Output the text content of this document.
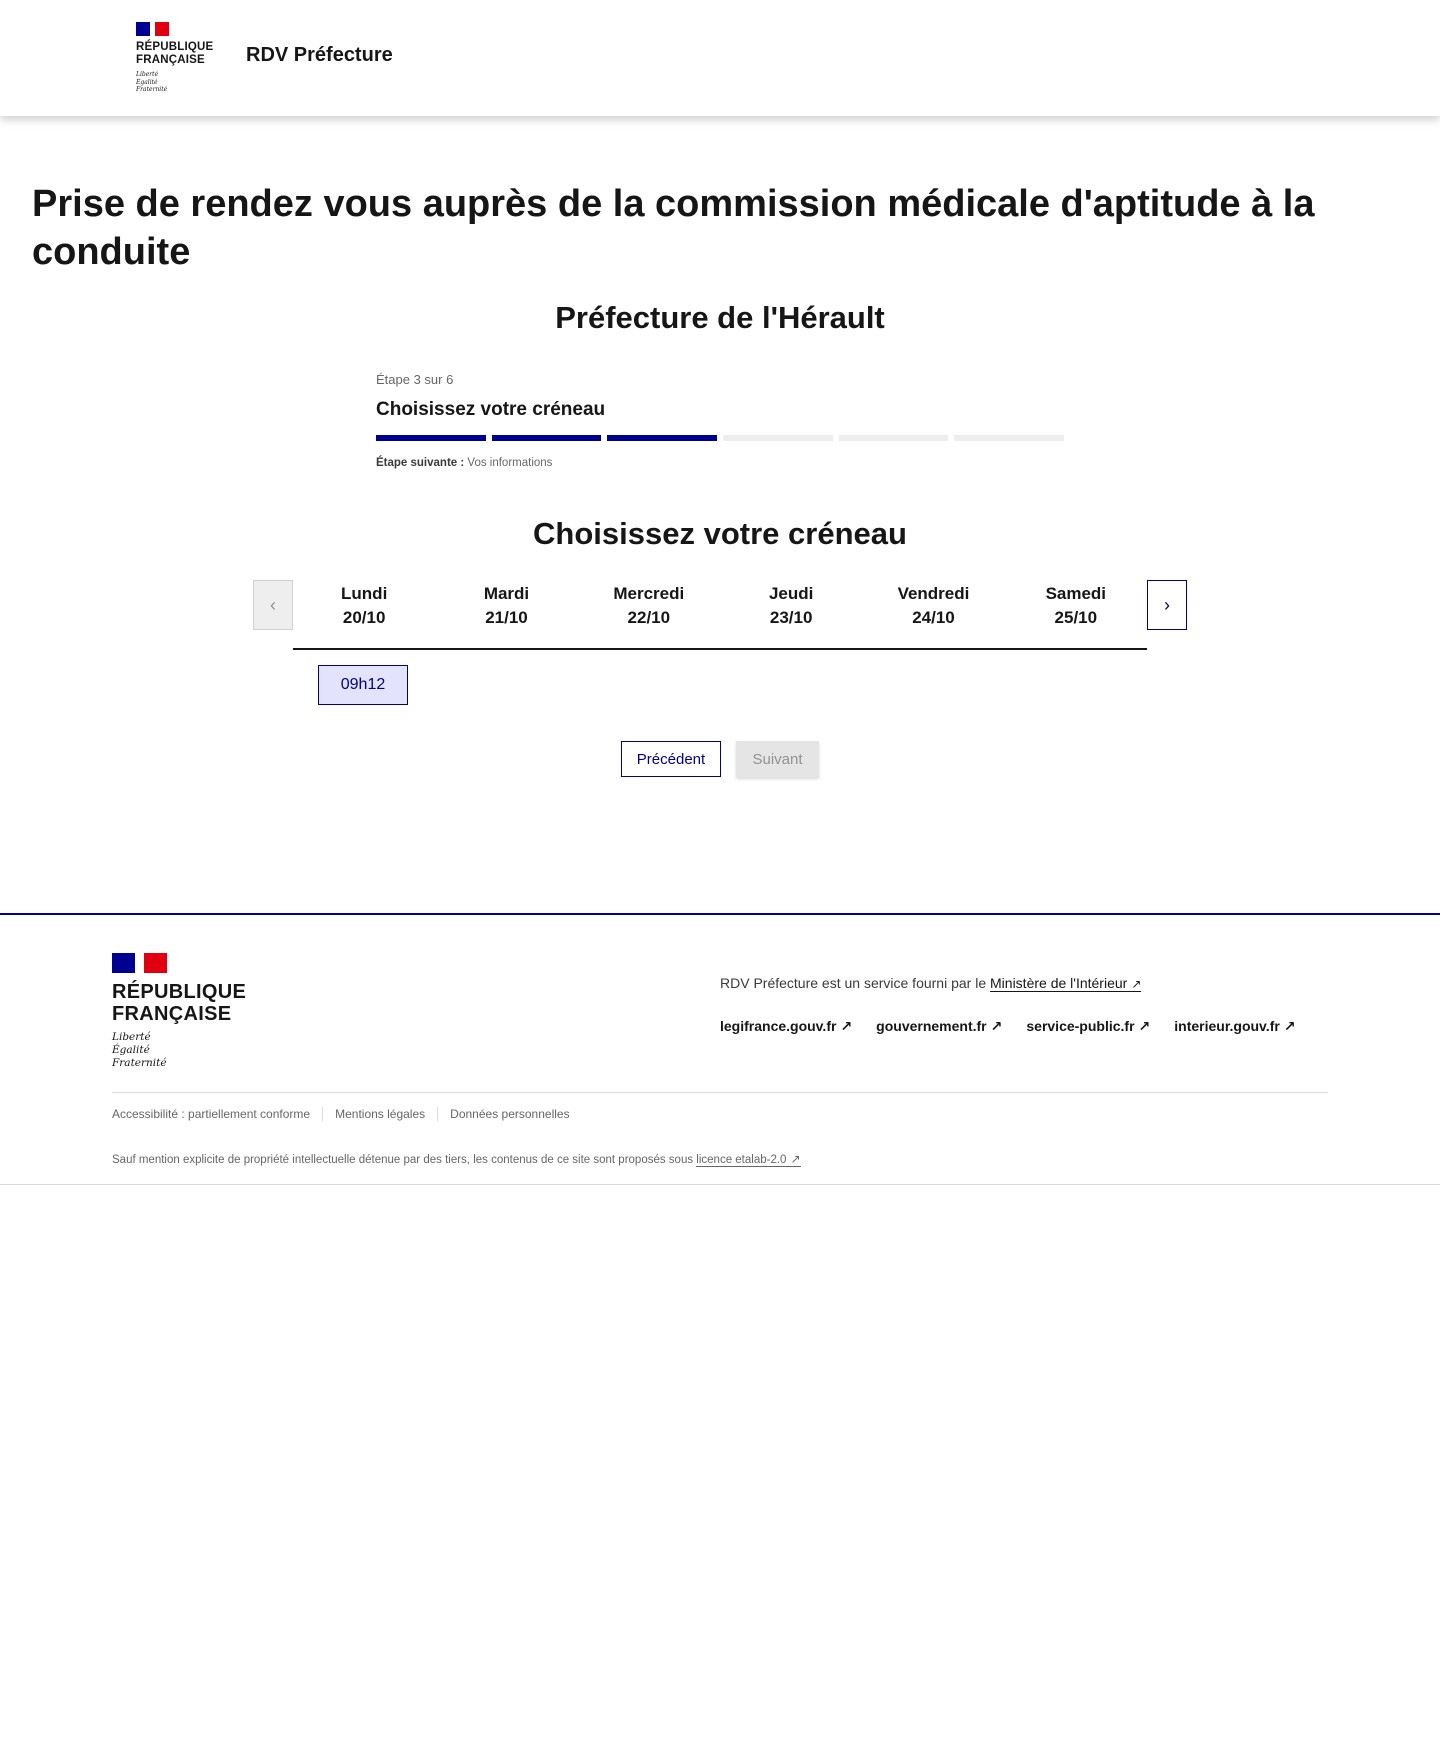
RÉPUBLIQUE
FRANÇAISE
Liberté
Égalité
Fraternité
RDV Préfecture
Prise de rendez vous auprès de la commission médicale d'aptitude à la conduite
Préfecture de l'Hérault
Étape 3 sur 6
Choisissez votre créneau
Étape suivante : Vos informations
Choisissez votre créneau
‹
Lundi
20/10
Mardi
21/10
Mercredi
22/10
Jeudi
23/10
Vendredi
24/10
Samedi
25/10
›
09h12
Précédent	Suivant
RÉPUBLIQUE
FRANÇAISE
Liberté
Égalité
Fraternité
RDV Préfecture est un service fourni par le Ministère de l'Intérieur ↗
legifrance.gouv.fr ↗ gouvernement.fr ↗ service-public.fr ↗ interieur.gouv.fr ↗
Accessibilité : partiellement conforme	Mentions légales	Données personnelles
Sauf mention explicite de propriété intellectuelle détenue par des tiers, les contenus de ce site sont proposés sous licence etalab-2.0 ↗
